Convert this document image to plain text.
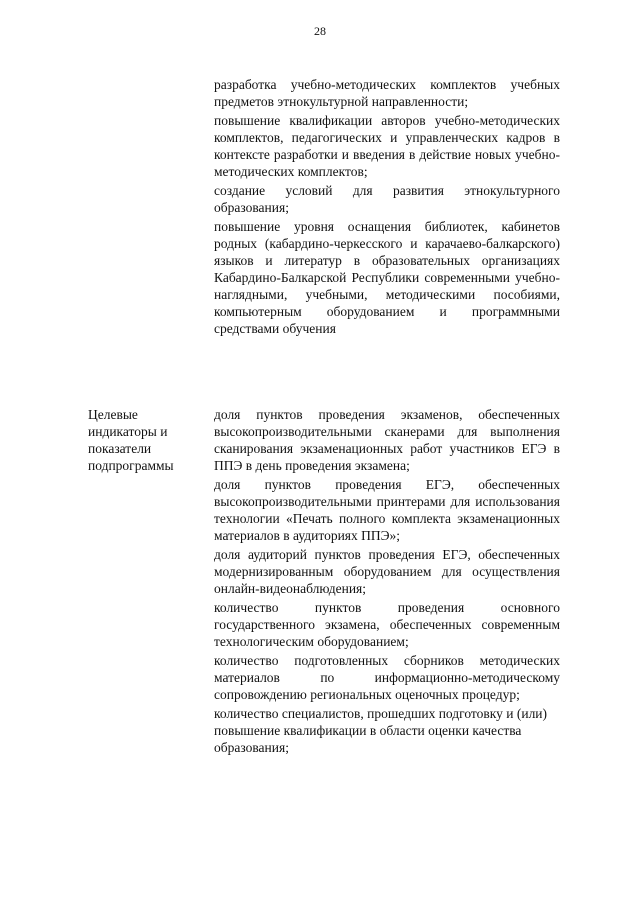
28
разработка учебно-методических комплектов учебных предметов этнокультурной направленности;
повышение квалификации авторов учебно-методических комплектов, педагогических и управленческих кадров в контексте разработки и введения в действие новых учебно-методических комплектов;
создание условий для развития этнокультурного образования;
повышение уровня оснащения библиотек, кабинетов родных (кабардино-черкесского и карачаево-балкарского) языков и литератур в образовательных организациях Кабардино-Балкарской Республики современными учебно-наглядными, учебными, методическими пособиями, компьютерным оборудованием и программными средствами обучения
Целевые индикаторы и показатели подпрограммы
доля пунктов проведения экзаменов, обеспеченных высокопроизводительными сканерами для выполнения сканирования экзаменационных работ участников ЕГЭ в ППЭ в день проведения экзамена;
доля пунктов проведения ЕГЭ, обеспеченных высокопроизводительными принтерами для использования технологии «Печать полного комплекта экзаменационных материалов в аудиториях ППЭ»;
доля аудиторий пунктов проведения ЕГЭ, обеспеченных модернизированным оборудованием для осуществления онлайн-видеонаблюдения;
количество пунктов проведения основного государственного экзамена, обеспеченных современным технологическим оборудованием;
количество подготовленных сборников методических материалов по информационно-методическому сопровождению региональных оценочных процедур;
количество специалистов, прошедших подготовку и (или) повышение квалификации в области оценки качества образования;
